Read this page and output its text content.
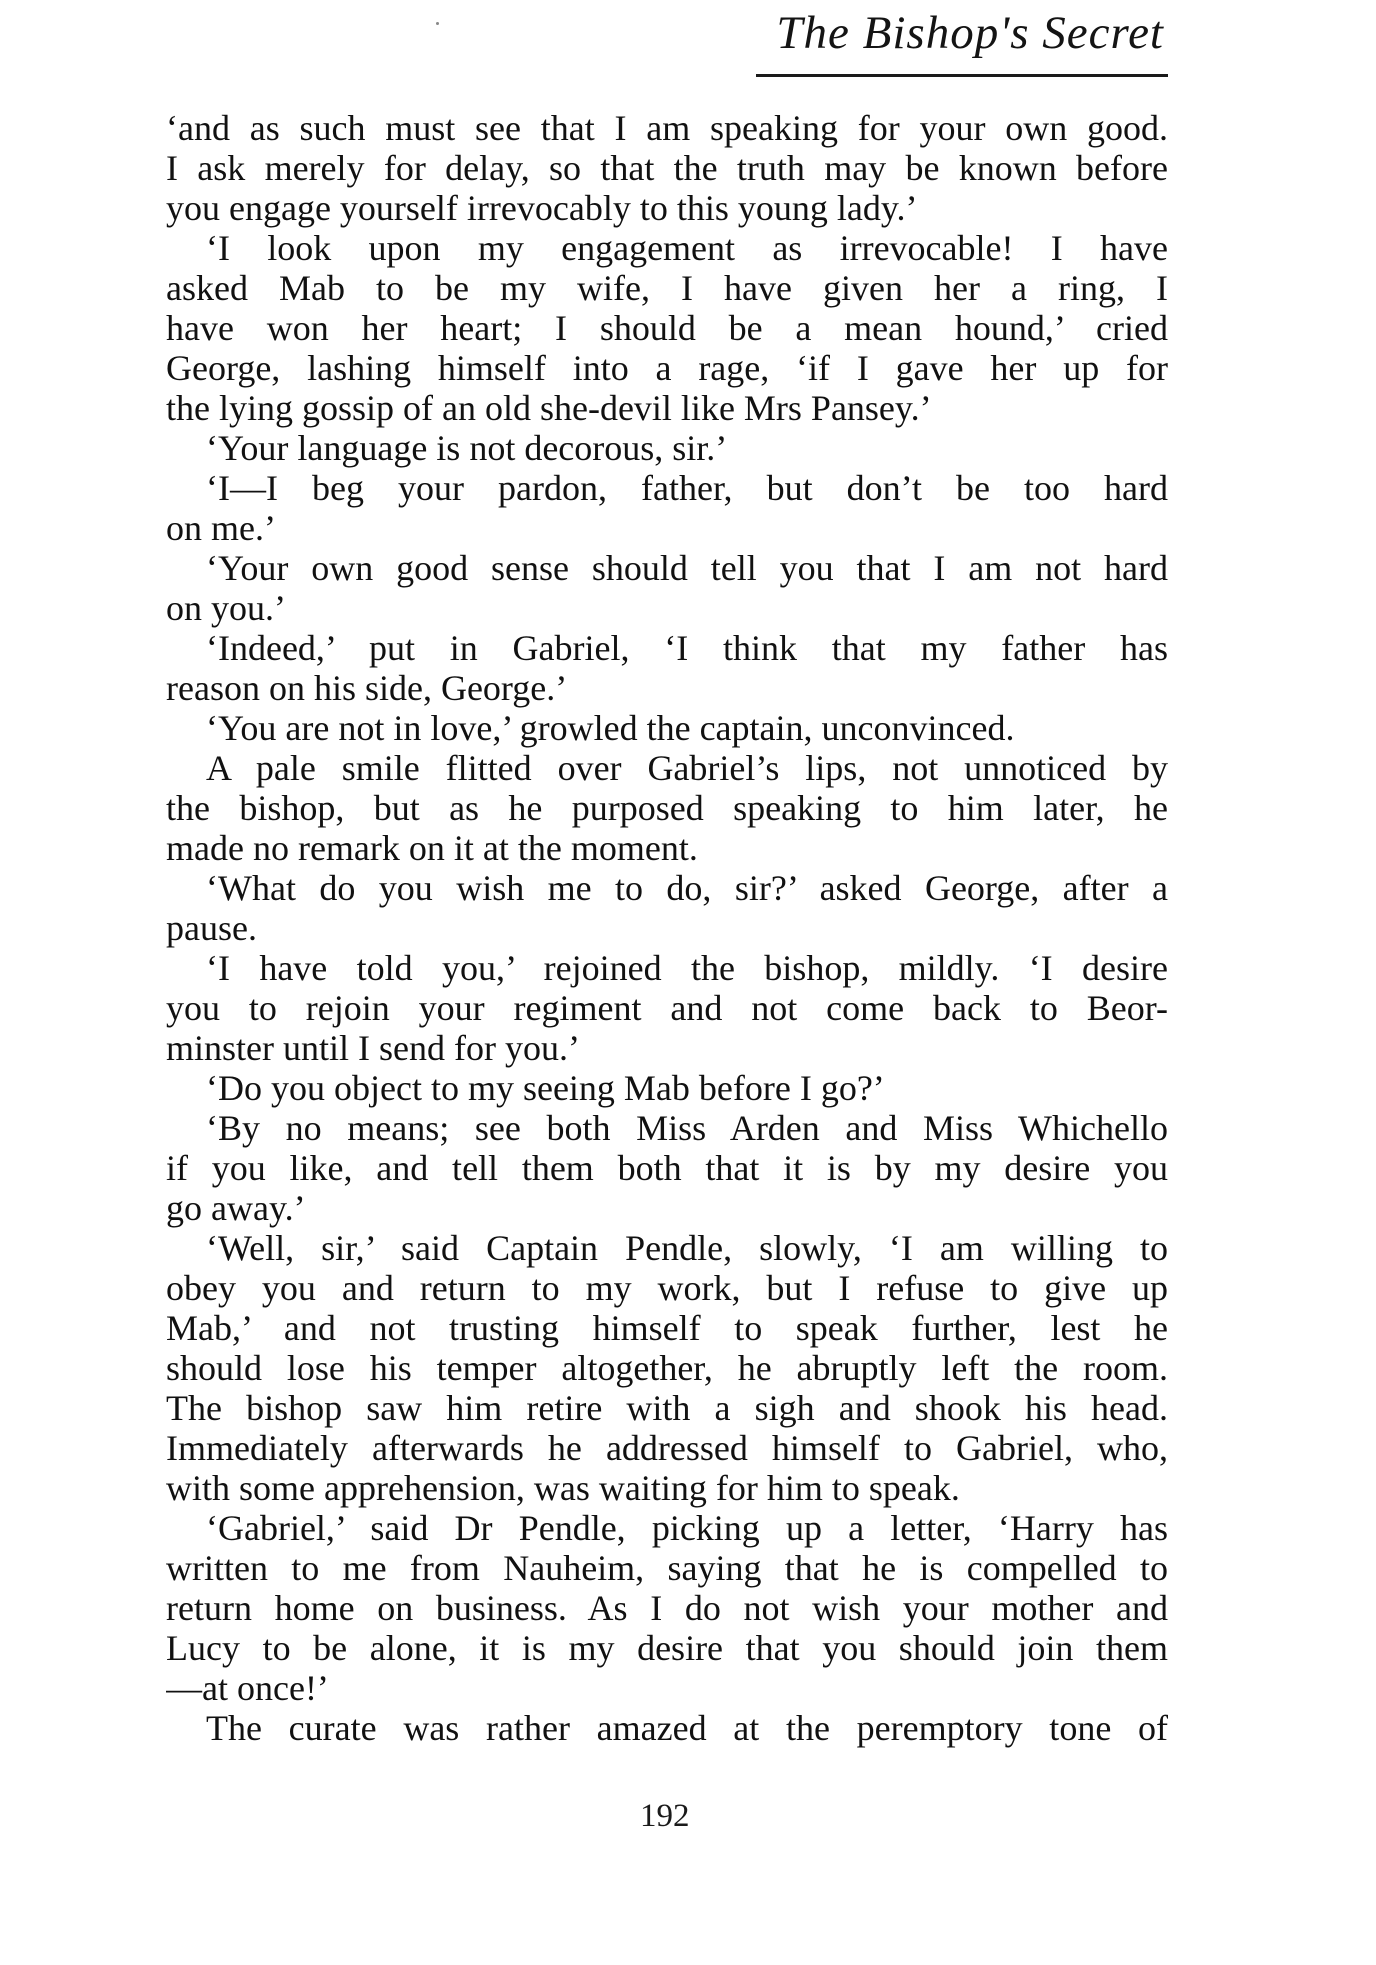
The Bishop's Secret
‘and as such must see that I am speaking for your own good.
I ask merely for delay, so that the truth may be known before
you engage yourself irrevocably to this young lady.’
‘I look upon my engagement as irrevocable! I have
asked Mab to be my wife, I have given her a ring, I
have won her heart; I should be a mean hound,’ cried
George, lashing himself into a rage, ‘if I gave her up for
the lying gossip of an old she-devil like Mrs Pansey.’
‘Your language is not decorous, sir.’
‘I—I beg your pardon, father, but don’t be too hard
on me.’
‘Your own good sense should tell you that I am not hard
on you.’
‘Indeed,’ put in Gabriel, ‘I think that my father has
reason on his side, George.’
‘You are not in love,’ growled the captain, unconvinced.
A pale smile flitted over Gabriel’s lips, not unnoticed by
the bishop, but as he purposed speaking to him later, he
made no remark on it at the moment.
‘What do you wish me to do, sir?’ asked George, after a
pause.
‘I have told you,’ rejoined the bishop, mildly. ‘I desire
you to rejoin your regiment and not come back to Beor-
minster until I send for you.’
‘Do you object to my seeing Mab before I go?’
‘By no means; see both Miss Arden and Miss Whichello
if you like, and tell them both that it is by my desire you
go away.’
‘Well, sir,’ said Captain Pendle, slowly, ‘I am willing to
obey you and return to my work, but I refuse to give up
Mab,’ and not trusting himself to speak further, lest he
should lose his temper altogether, he abruptly left the room.
The bishop saw him retire with a sigh and shook his head.
Immediately afterwards he addressed himself to Gabriel, who,
with some apprehension, was waiting for him to speak.
‘Gabriel,’ said Dr Pendle, picking up a letter, ‘Harry has
written to me from Nauheim, saying that he is compelled to
return home on business. As I do not wish your mother and
Lucy to be alone, it is my desire that you should join them
—at once!’
The curate was rather amazed at the peremptory tone of
192
